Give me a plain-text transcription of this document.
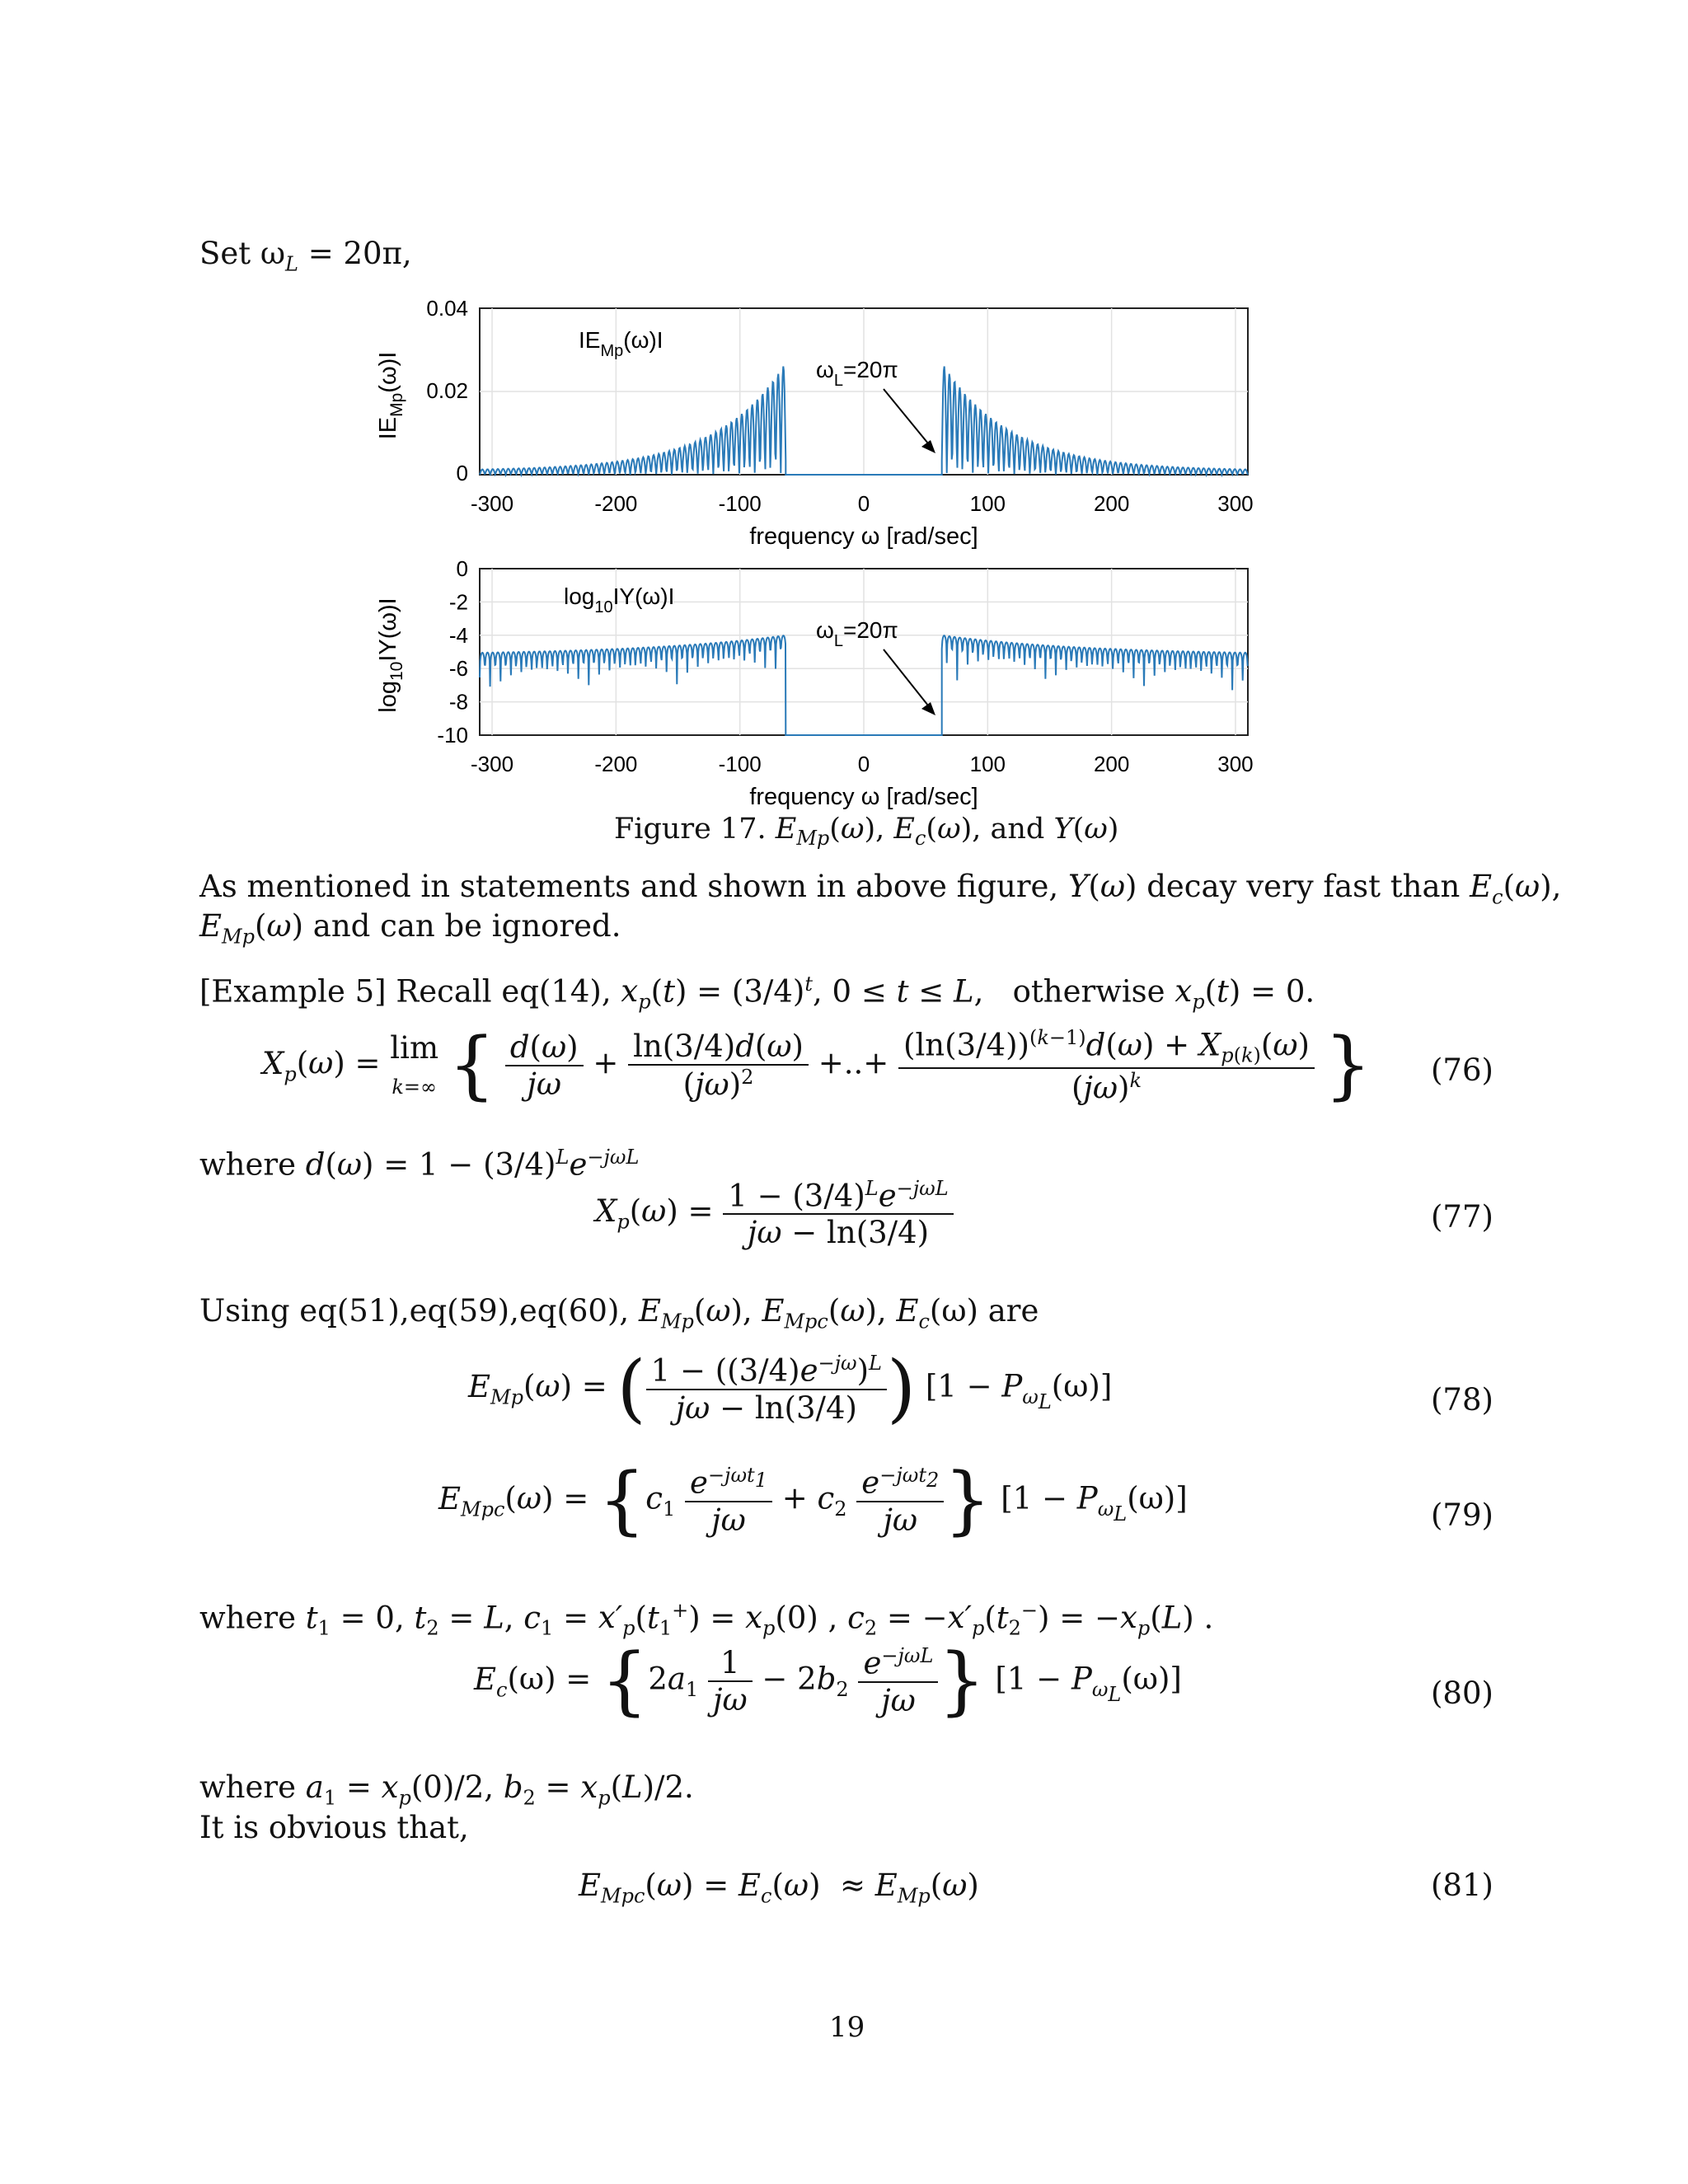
Set $\omega_L = 20\pi$,
0
0.02
0.04
-300	-200	-100	0	100	200	300
frequency ω [rad/sec]
$IE_{Mp}(\omega)I$
$IE_{Mp}(\omega)I$
$\omega_L=20\pi$
0
-2
-4
-6
-8
-10
-300	-200	-100	0	100	200	300
frequency ω [rad/sec]
$\log_{10}IY(\omega)I$
$\log_{10}IY(\omega)I$
$\omega_L=20\pi$
Figure 17. $E_{Mp}(\omega)$, $E_c(\omega)$, and Y(ω)
As mentioned in statements and shown in above figure, Y(ω) decay very fast than $E_c(\omega)$,
$E_{Mp}(\omega)$ and can be ignored.
[Example 5] Recall eq(14), $x_p(t) = (3/4)^t$, 0 ≤ t ≤ L,   otherwise $x_p(t) = 0$.
$X_p(\omega) = \lim$
k=∞ { $\frac{d(\omega)}{j\omega} + \frac{\ln(3/4)d(\omega)}{(j\omega)^2}$ +..+ $\frac{(\ln(3/4))^{(k-1)}d(\omega) + X_{p(k)}(\omega)}{(j\omega)^k}$ } (76)
where $d(\omega) = 1 - (3/4)^Le^{-j\omega L}$
$X_p(\omega) = \frac{1 - (3/4)^Le^{-j\omega L}}{j\omega - \ln(3/4)}$	(77)
Using eq(51),eq(59),eq(60), $E_{Mp}(\omega)$, $E_{Mpc}(\omega)$, $E_c(\omega)$ are
$E_{Mp}(\omega)$ = ( $\frac{1 - ((3/4)e^{-j\omega})^L}{j\omega - \ln(3/4)}$ ) $[1 - P_{\omega_L}(\omega)]$	(78)
$E_{Mpc}(\omega) = \{c_1 \frac{e^{-j\omega t_1}}{j\omega} + c_2 \frac{e^{-j\omega t_2}}{j\omega}$ } $[1 - P_{\omega_L}(\omega)]$	(79)
where $t_1 = 0$, $t_2 = L$, $c_1 = x'_p(t_1^+) = x_p(0)$ , $c_2 = -x'_p(t_2^-) = -x_p(L)$ .
$E_c(\omega) = \{2a_1 \frac{1}{j\omega} - 2b_2 \frac{e^{-j\omega L}}{j\omega}$ } $[1 - P_{\omega_L}(\omega)]$	(80)
where $a_1 = x_p(0)/2$, $b_2 = x_p(L)/2$.
It is obvious that,
$E_{Mpc}(\omega) = E_c(\omega) \approx E_{Mp}(\omega)$	(81)
19
